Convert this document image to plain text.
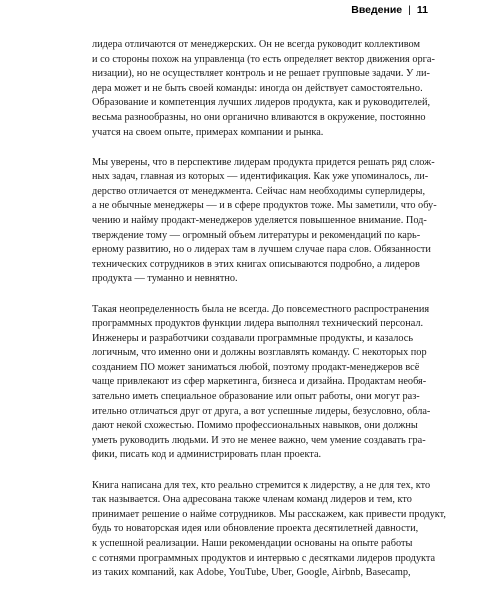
Введение | 11
лидера отличаются от менеджерских. Он не всегда руководит коллективом
и со стороны похож на управленца (то есть определяет вектор движения орга-
низации), но не осуществляет контроль и не решает групповые задачи. У ли-
дера может и не быть своей команды: иногда он действует самостоятельно.
Образование и компетенция лучших лидеров продукта, как и руководителей,
весьма разнообразны, но они органично вливаются в окружение, постоянно
учатся на своем опыте, примерах компании и рынка.
Мы уверены, что в перспективе лидерам продукта придется решать ряд слож-
ных задач, главная из которых — идентификация. Как уже упоминалось, ли-
дерство отличается от менеджмента. Сейчас нам необходимы суперлидеры,
а не обычные менеджеры — и в сфере продуктов тоже. Мы заметили, что обу-
чению и найму продакт-менеджеров уделяется повышенное внимание. Под-
тверждение тому — огромный объем литературы и рекомендаций по карь-
ерному развитию, но о лидерах там в лучшем случае пара слов. Обязанности
технических сотрудников в этих книгах описываются подробно, а лидеров
продукта — туманно и невнятно.
Такая неопределенность была не всегда. До повсеместного распространения
программных продуктов функции лидера выполнял технический персонал.
Инженеры и разработчики создавали программные продукты, и казалось
логичным, что именно они и должны возглавлять команду. С некоторых пор
созданием ПО может заниматься любой, поэтому продакт-менеджеров всё
чаще привлекают из сфер маркетинга, бизнеса и дизайна. Продактам необя-
зательно иметь специальное образование или опыт работы, они могут раз-
ительно отличаться друг от друга, а вот успешные лидеры, безусловно, обла-
дают некой схожестью. Помимо профессиональных навыков, они должны
уметь руководить людьми. И это не менее важно, чем умение создавать гра-
фики, писать код и администрировать план проекта.
Книга написана для тех, кто реально стремится к лидерству, а не для тех, кто
так называется. Она адресована также членам команд лидеров и тем, кто
принимает решение о найме сотрудников. Мы расскажем, как привести продукт,
будь то новаторская идея или обновление проекта десятилетней давности,
к успешной реализации. Наши рекомендации основаны на опыте работы
с сотнями программных продуктов и интервью с десятками лидеров продукта
из таких компаний, как Adobe, YouTube, Uber, Google, Airbnb, Basecamp,
